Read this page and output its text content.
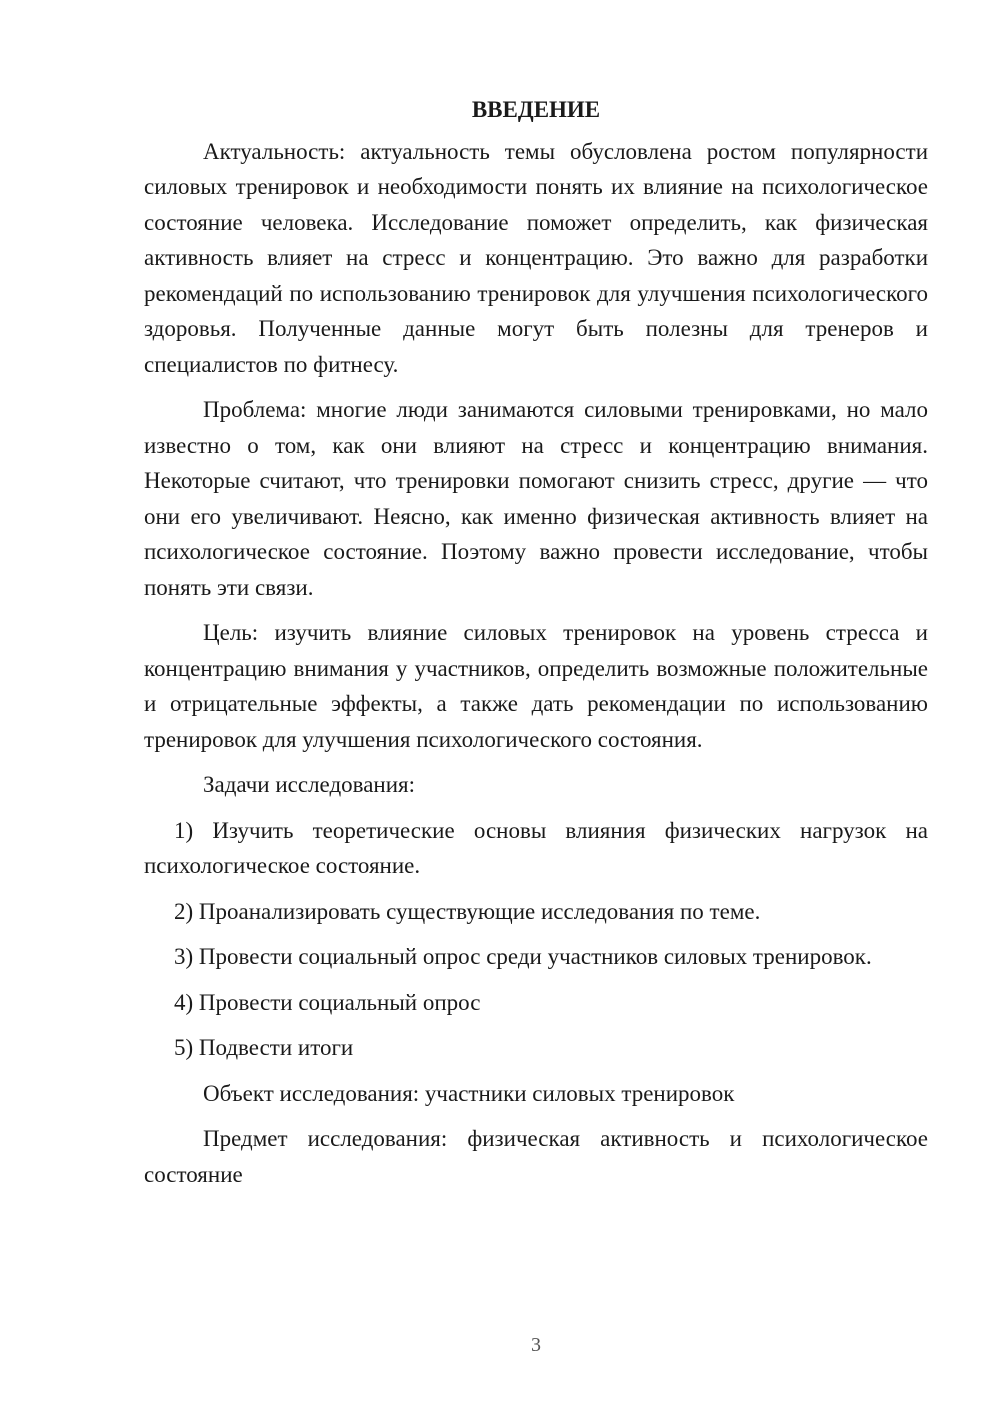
ВВЕДЕНИЕ

Актуальность: актуальность темы обусловлена ростом популярности силовых тренировок и необходимости понять их влияние на психологическое состояние человека. Исследование поможет определить, как физическая активность влияет на стресс и концентрацию. Это важно для разработки рекомендаций по использованию тренировок для улучшения психологического здоровья. Полученные данные могут быть полезны для тренеров и специалистов по фитнесу.

Проблема: многие люди занимаются силовыми тренировками, но мало известно о том, как они влияют на стресс и концентрацию внимания. Некоторые считают, что тренировки помогают снизить стресс, другие — что они его увеличивают. Неясно, как именно физическая активность влияет на психологическое состояние. Поэтому важно провести исследование, чтобы понять эти связи.

Цель: изучить влияние силовых тренировок на уровень стресса и концентрацию внимания у участников, определить возможные положительные и отрицательные эффекты, а также дать рекомендации по использованию тренировок для улучшения психологического состояния.

Задачи исследования:

1) Изучить теоретические основы влияния физических нагрузок на психологическое состояние.

2) Проанализировать существующие исследования по теме.

3) Провести социальный опрос среди участников силовых тренировок.

4) Провести социальный опрос

5) Подвести итоги

Объект исследования: участники силовых тренировок

Предмет исследования: физическая активность и психологическое состояние

3
